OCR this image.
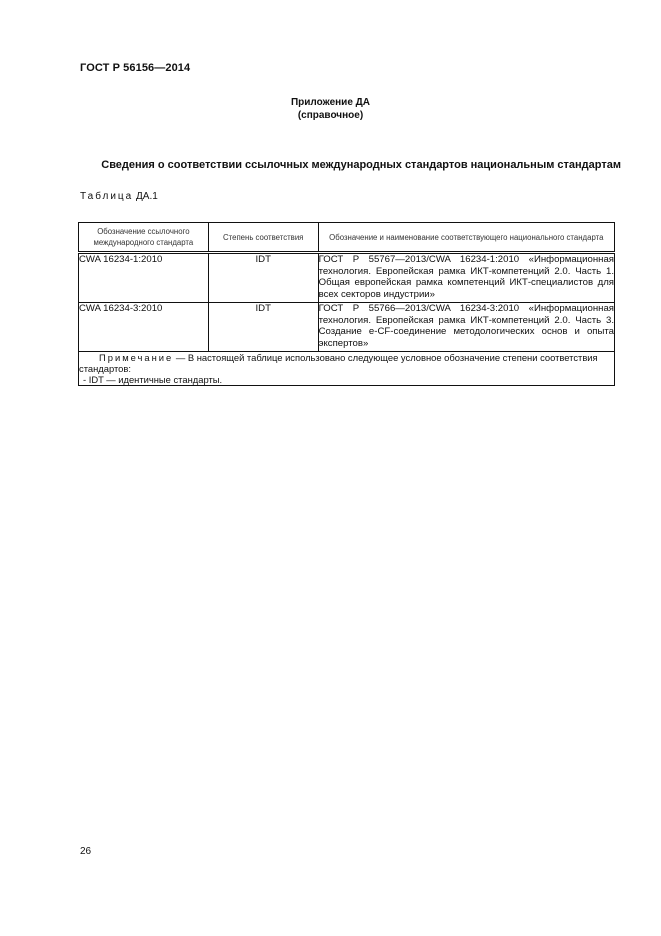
ГОСТ Р 56156—2014
Приложение ДА
(справочное)
Сведения о соответствии ссылочных международных стандартов национальным стандартам
Таблица ДА.1
Обозначение ссылочного международного стандарта	Степень соответствия	Обозначение и наименование соответствующего национального стандарта
CWA 16234-1:2010	IDT	ГОСТ Р 55767—2013/CWA 16234-1:2010 «Информационная технология. Европейская рамка ИКТ-компетенций 2.0. Часть 1. Общая европейская рамка компетенций ИКТ-специалистов для всех секторов индустрии»
CWA 16234-3:2010	IDT	ГОСТ Р 55766—2013/CWA 16234-3:2010 «Информационная технология. Европейская рамка ИКТ-компетенций 2.0. Часть 3. Создание e-CF-соединение методологических основ и опыта экспертов»

Примечание — В настоящей таблице использовано следующее условное обозначение степени соответствия стандартов:
- IDT — идентичные стандарты.		
26
